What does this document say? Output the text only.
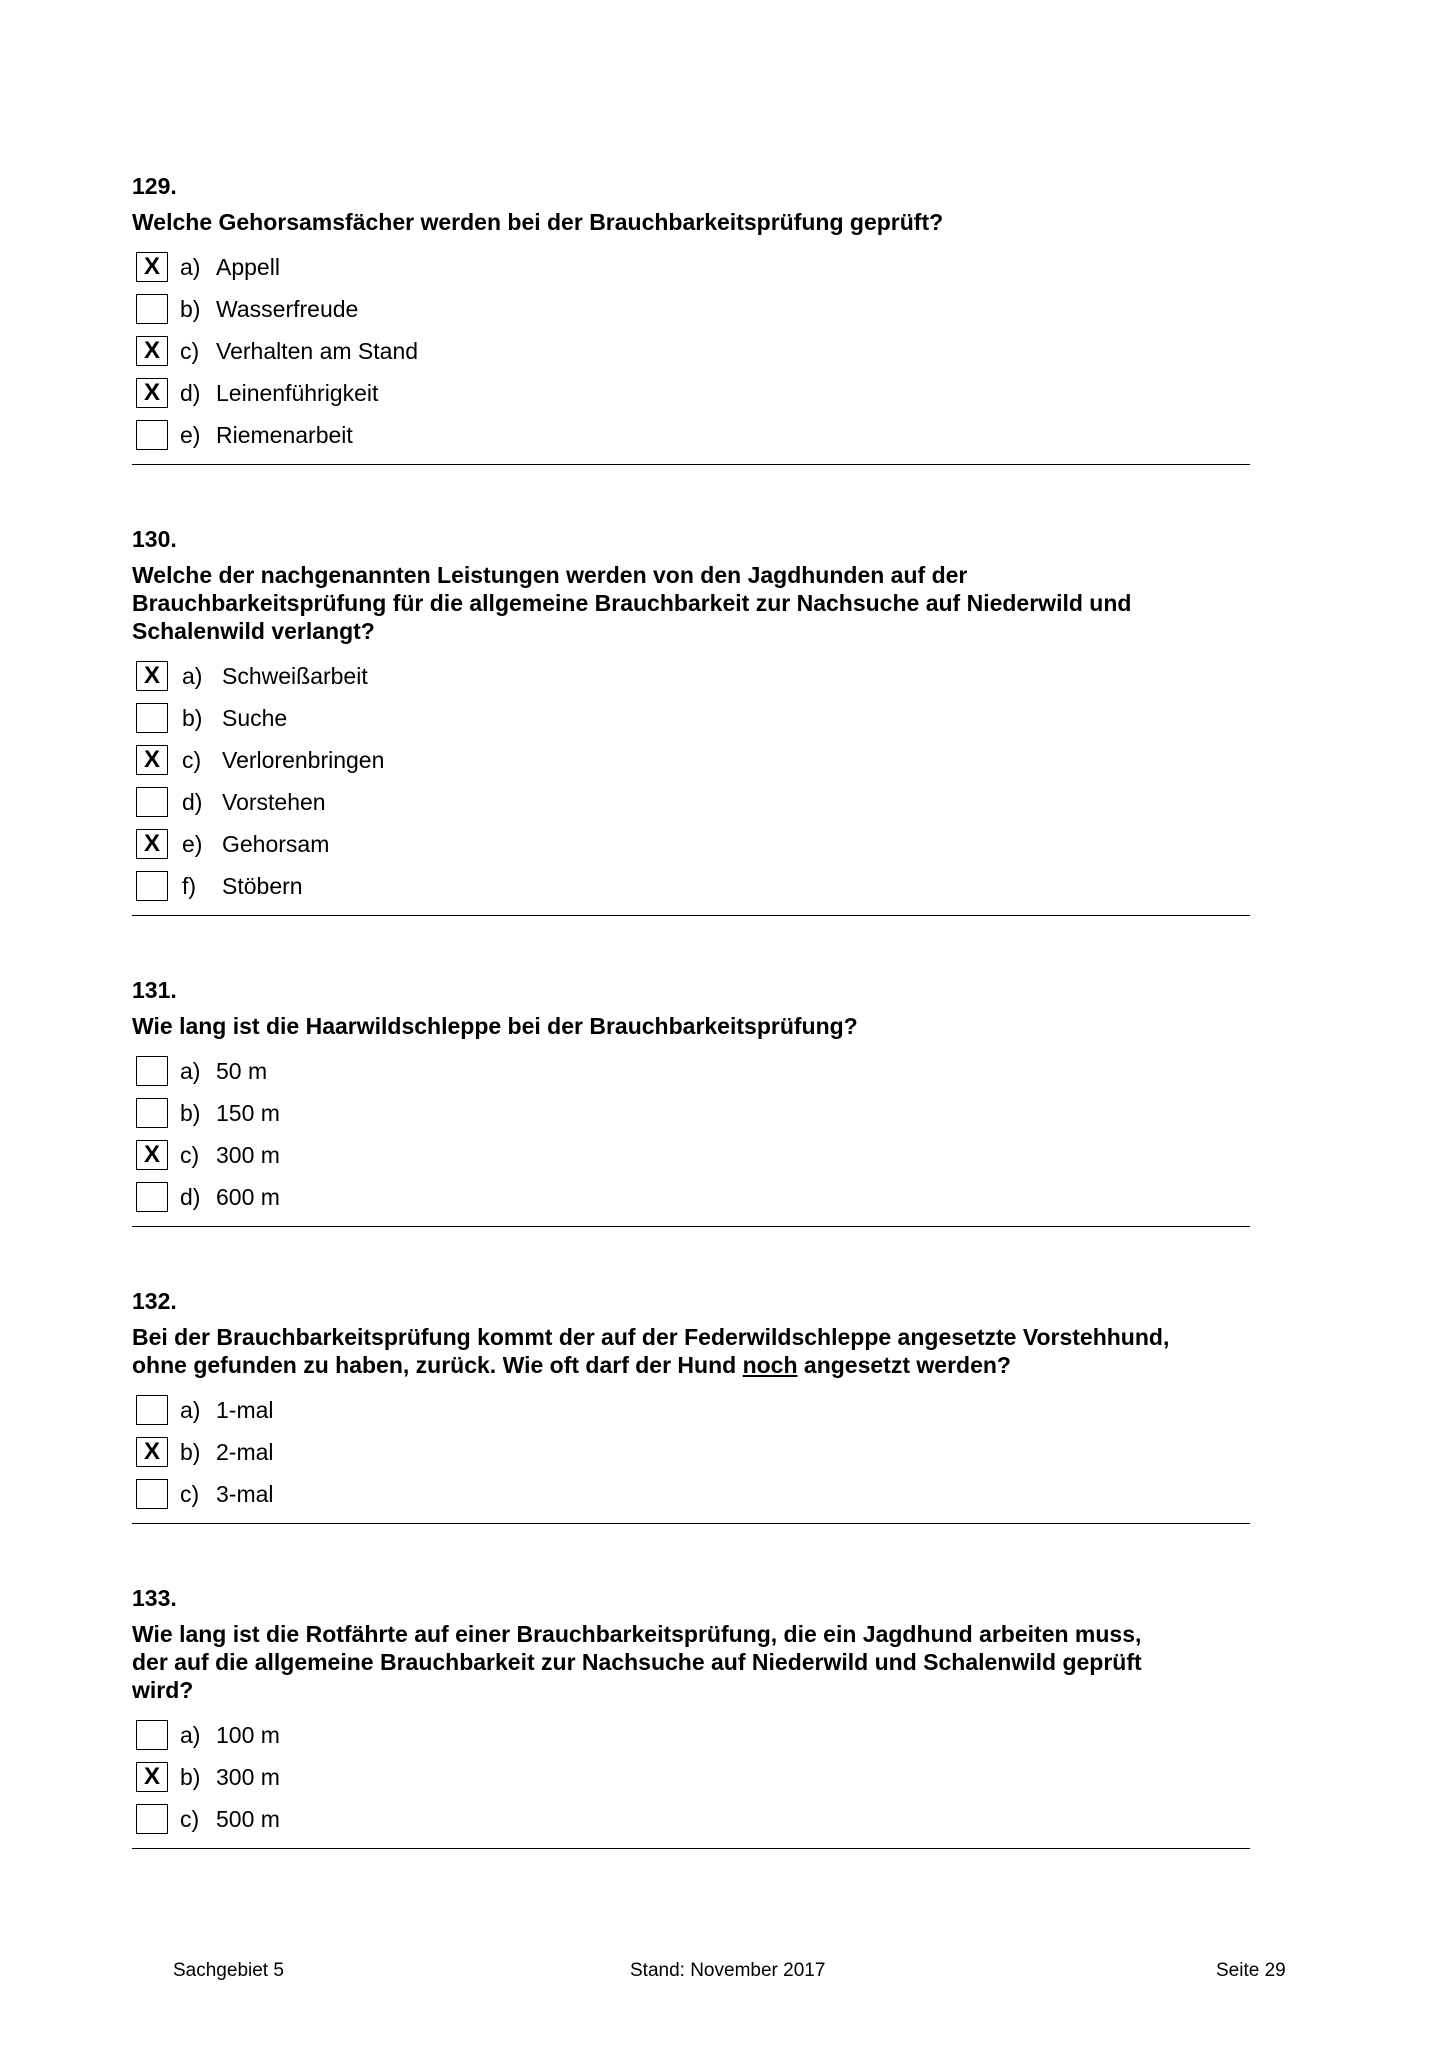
129.
Welche Gehorsamsfächer werden bei der Brauchbarkeitsprüfung geprüft?
X a) Appell
b) Wasserfreude
X c) Verhalten am Stand
X d) Leinenführigkeit
e) Riemenarbeit
130.
Welche der nachgenannten Leistungen werden von den Jagdhunden auf der
Brauchbarkeitsprüfung für die allgemeine Brauchbarkeit zur Nachsuche auf Niederwild und
Schalenwild verlangt?
X a) Schweißarbeit
b) Suche
X c) Verlorenbringen
d) Vorstehen
X e) Gehorsam
f)	Stöbern
131.
Wie lang ist die Haarwildschleppe bei der Brauchbarkeitsprüfung?
a) 50 m
b) 150 m
X c) 300 m
d) 600 m
132.
Bei der Brauchbarkeitsprüfung kommt der auf der Federwildschleppe angesetzte Vorstehhund,
ohne gefunden zu haben, zurück. Wie oft darf der Hund noch angesetzt werden?
a) 1-mal
X b) 2-mal
c) 3-mal
133.
Wie lang ist die Rotfährte auf einer Brauchbarkeitsprüfung, die ein Jagdhund arbeiten muss,
der auf die allgemeine Brauchbarkeit zur Nachsuche auf Niederwild und Schalenwild geprüft
wird?
a) 100 m
X b) 300 m
c) 500 m
Sachgebiet 5	Stand: November 2017	Seite 29
